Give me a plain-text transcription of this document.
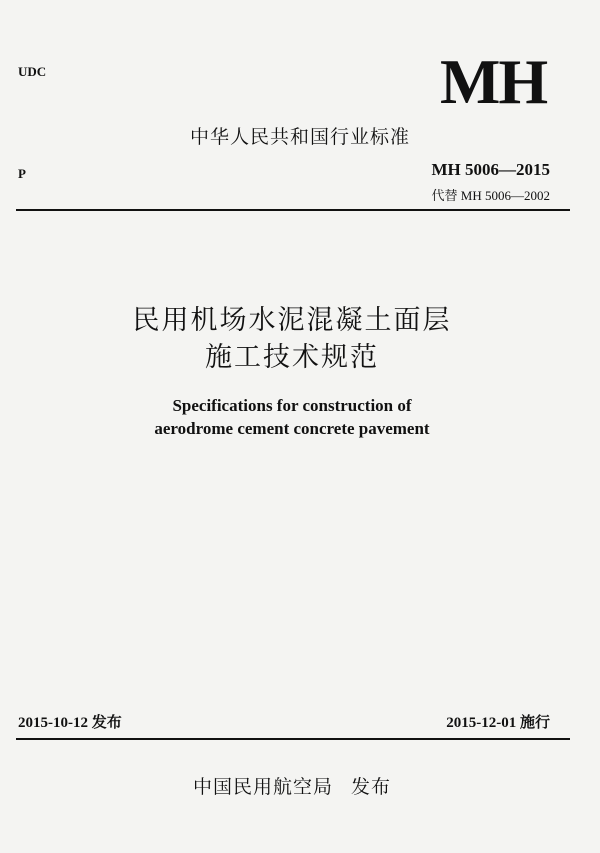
UDC	MH
中华人民共和国行业标准
P	MH 5006—2015
代替 MH 5006—2002
民用机场水泥混凝土面层
施工技术规范
Specifications for construction of
aerodrome cement concrete pavement
2015-10-12 发布	2015-12-01 施行
中国民用航空局 发布
